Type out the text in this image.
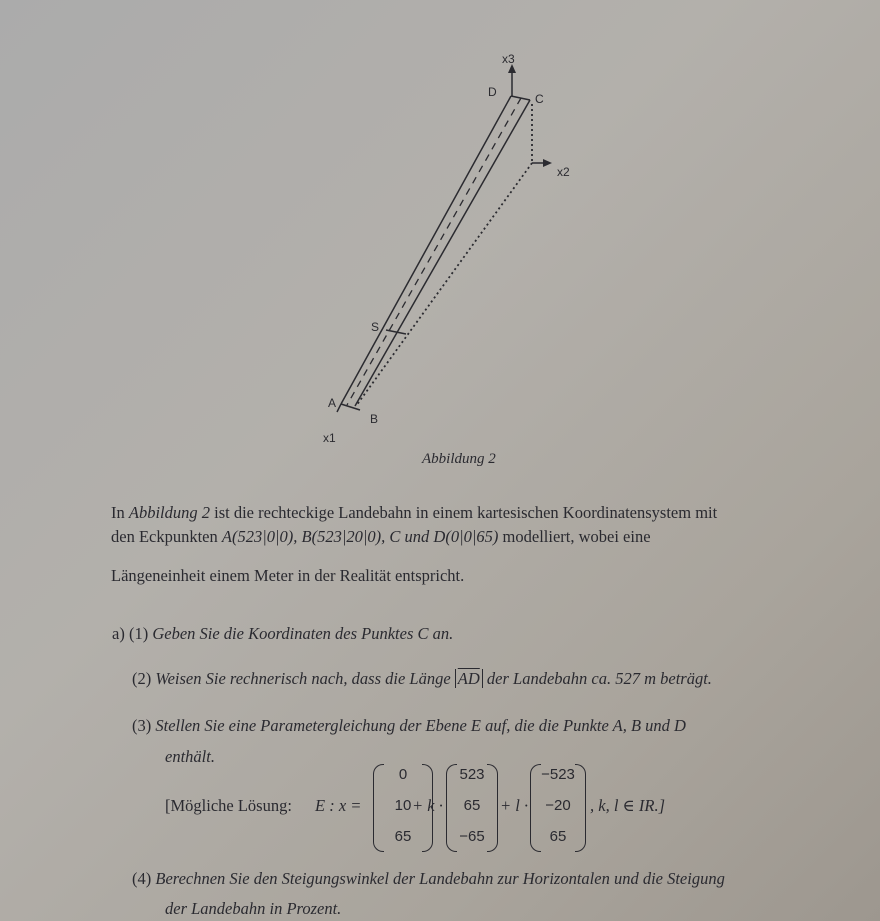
x3
D	C
x2
S
A
B
x1
Abbildung 2
In Abbildung 2 ist die rechteckige Landebahn in einem kartesischen Koordinatensystem mit
den Eckpunkten A(523|0|0), B(523|20|0), C und D(0|0|65) modelliert, wobei eine
Längeneinheit einem Meter in der Realität entspricht.
a) (1) Geben Sie die Koordinaten des Punktes C an.
(2) Weisen Sie rechnerisch nach, dass die Länge $\overline{AD}$ der Landebahn ca. 527 m beträgt.
(3) Stellen Sie eine Parametergleichung der Ebene E auf, die die Punkte A, B und D
enthält.
[Mögliche Lösung: E : x =
0
10
65
+ k ·
523
65
−65
+ l ·
−523
−20
65
, k, l ∈ IR.]
(4) Berechnen Sie den Steigungswinkel der Landebahn zur Horizontalen und die Steigung
der Landebahn in Prozent.
